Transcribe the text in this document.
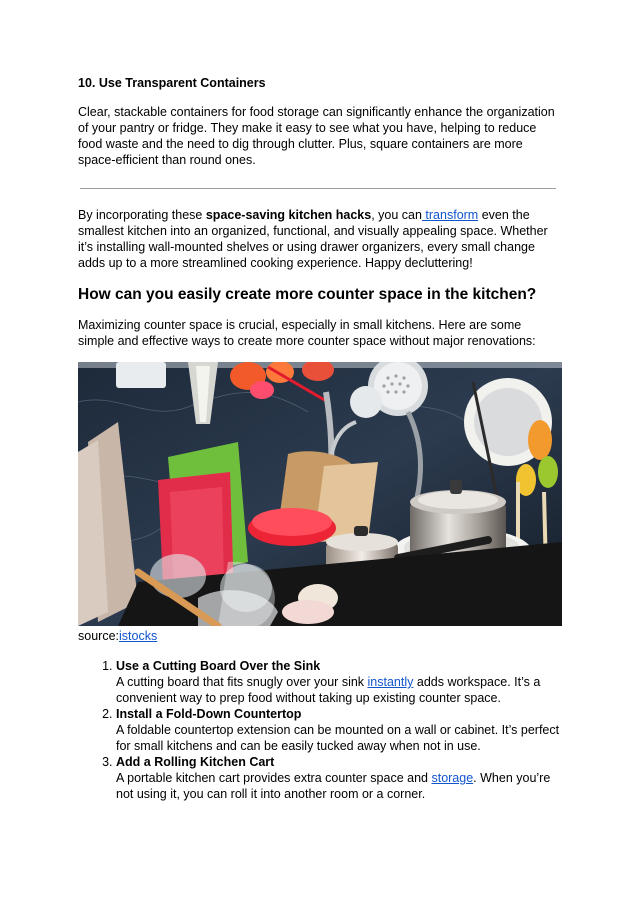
10. Use Transparent Containers

Clear, stackable containers for food storage can significantly enhance the organization of your pantry or fridge. They make it easy to see what you have, helping to reduce food waste and the need to dig through clutter. Plus, square containers are more space-efficient than round ones.

By incorporating these space-saving kitchen hacks, you can transform even the smallest kitchen into an organized, functional, and visually appealing space. Whether it’s installing wall-mounted shelves or using drawer organizers, every small change adds up to a more streamlined cooking experience. Happy decluttering!

How can you easily create more counter space in the kitchen?

Maximizing counter space is crucial, especially in small kitchens. Here are some simple and effective ways to create more counter space without major renovations:

source:istocks

1. Use a Cutting Board Over the Sink
A cutting board that fits snugly over your sink instantly adds workspace. It’s a convenient way to prep food without taking up existing counter space.
2. Install a Fold-Down Countertop
A foldable countertop extension can be mounted on a wall or cabinet. It’s perfect for small kitchens and can be easily tucked away when not in use.
3. Add a Rolling Kitchen Cart
A portable kitchen cart provides extra counter space and storage. When you’re not using it, you can roll it into another room or a corner.
